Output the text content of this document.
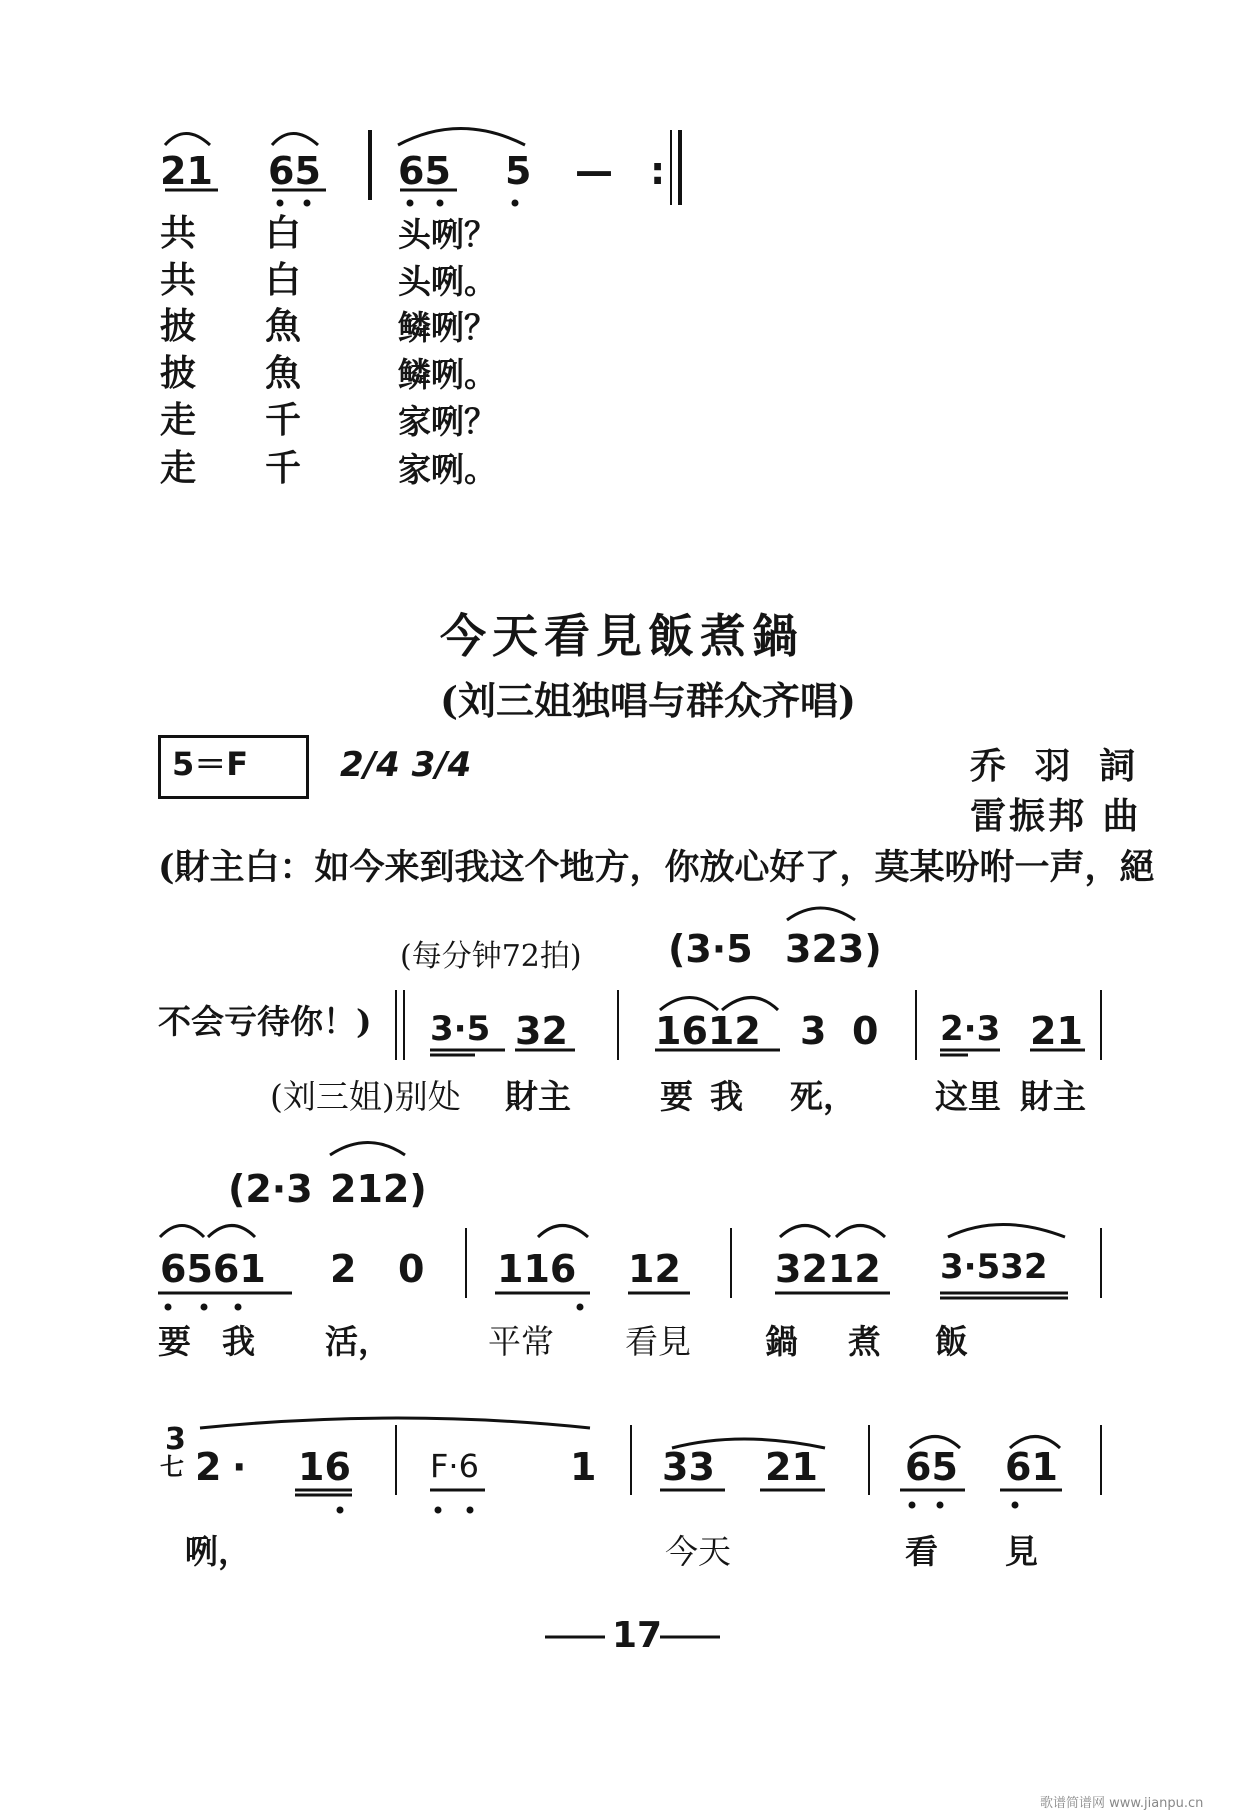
21 65 65 5 — :
共 白	头咧？
共 白	头咧。
披 魚	鳞咧？
披 魚	鳞咧。
走 千	家咧？
走 千	家咧。
今天看見飯煮鍋
(刘三姐独唱与群众齐唱)
5＝F	2/4 3/4	乔 羽 詞
雷振邦 曲
(財主白：如今来到我这个地方，你放心好了，莫某吩咐一声，絕
(每分钟72拍) (3·5 323)
不会亏待你！) 3·5 32 1612 3 0 2·3 21
(刘三姐)别处 財主	要 我 死， 这里 財主
(2·3 212)
6561 2 0 116 12 3212 3·532
要 我 活，	平常 看見 鍋 煮 飯
3
七 2 · 16 F·6 1 33 21 65 61
咧，	今天	看 見
17
歌谱简谱网 www.jianpu.cn
